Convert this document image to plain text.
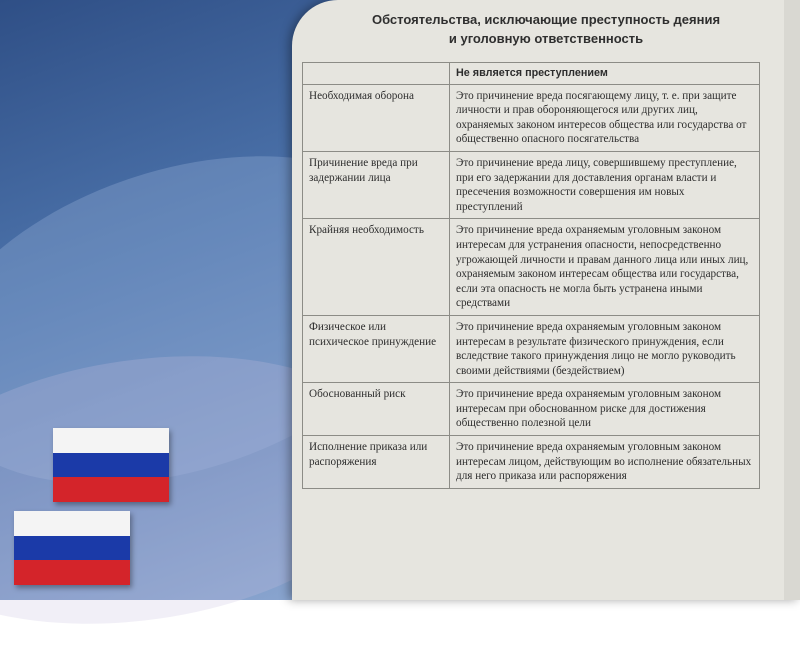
Обстоятельства, исключающие преступность деяния
и уголовную ответственность
	Не является преступлением
Необходимая оборона	Это причинение вреда посягающему лицу, т. е. при защите личности и прав обороняющегося или других лиц, охраняемых законом интересов общества или государства от общественно опасного посягательства
Причинение вреда при задержании лица	Это причинение вреда лицу, совершившему преступление, при его задержании для доставления органам власти и пресечения возможности совершения им новых преступлений
Крайняя необходимость	Это причинение вреда охраняемым уголовным законом интересам для устранения опасности, непосредственно угрожающей личности и правам данного лица или иных лиц, охраняемым законом интересам общества или государства, если эта опасность не могла быть устранена иными средствами
Физическое или психическое принуждение	Это причинение вреда охраняемым уголовным законом интересам в результате физического принуждения, если вследствие такого принуждения лицо не могло руководить своими действиями (бездействием)
Обоснованный риск	Это причинение вреда охраняемым уголовным законом интересам при обоснованном риске для достижения общественно полезной цели
Исполнение приказа или распоряжения	Это причинение вреда охраняемым уголовным законом интересам лицом, действующим во исполнение обязательных для него приказа или распоряжения
